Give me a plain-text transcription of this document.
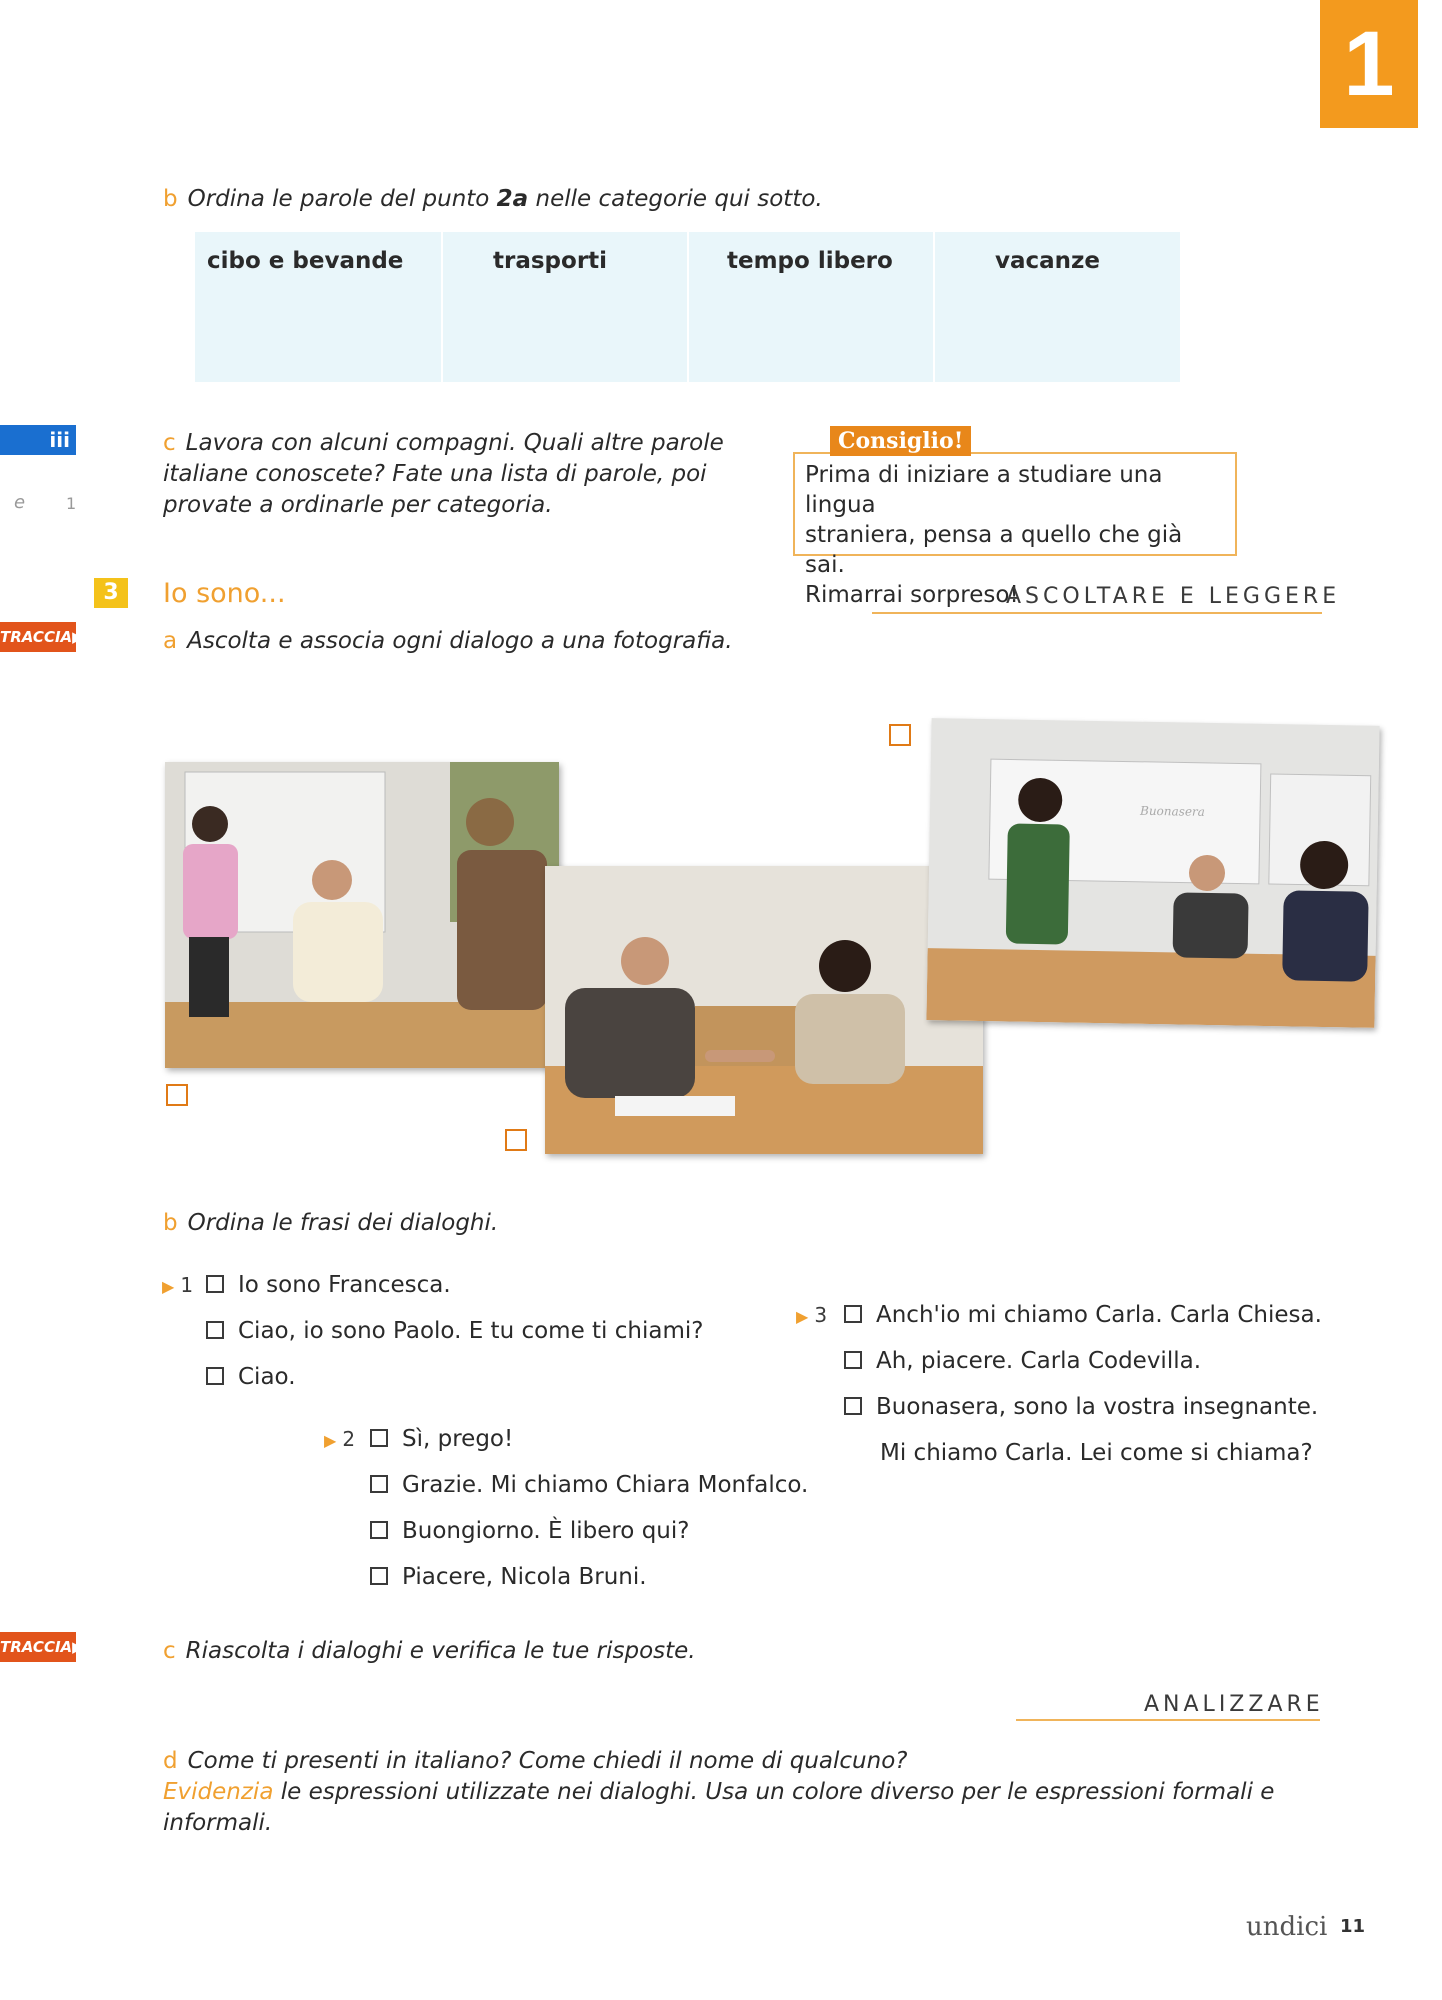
1
b Ordina le parole del punto 2a nelle categorie qui sotto.
cibo e bevande	trasporti	tempo libero	vacanze
iii
e	1
TRACCIA▶01
TRACCIA▶01
c Lavora con alcuni compagni. Quali altre parole
italiane conoscete? Fate una lista di parole, poi
provate a ordinarle per categoria.
Prima di iniziare a studiare una lingua
straniera, pensa a quello che già sai.
Rimarrai sorpreso!
Consiglio!
3	Io sono...	ASCOLTARE E LEGGERE
a Ascolta e associa ogni dialogo a una fotografia.
Buonasera
b Ordina le frasi dei dialoghi.
▶ 1	Io sono Francesca.
Ciao, io sono Paolo. E tu come ti chiami?
Ciao.
▶ 2	Sì, prego!
Grazie. Mi chiamo Chiara Monfalco.
Buongiorno. È libero qui?
Piacere, Nicola Bruni.
▶ 3	Anch'io mi chiamo Carla. Carla Chiesa.
Ah, piacere. Carla Codevilla.
Buonasera, sono la vostra insegnante.
Mi chiamo Carla. Lei come si chiama?
c Riascolta i dialoghi e verifica le tue risposte.
ANALIZZARE
d Come ti presenti in italiano? Come chiedi il nome di qualcuno?
Evidenzia le espressioni utilizzate nei dialoghi. Usa un colore diverso per le espressioni formali e informali.
undici 11
